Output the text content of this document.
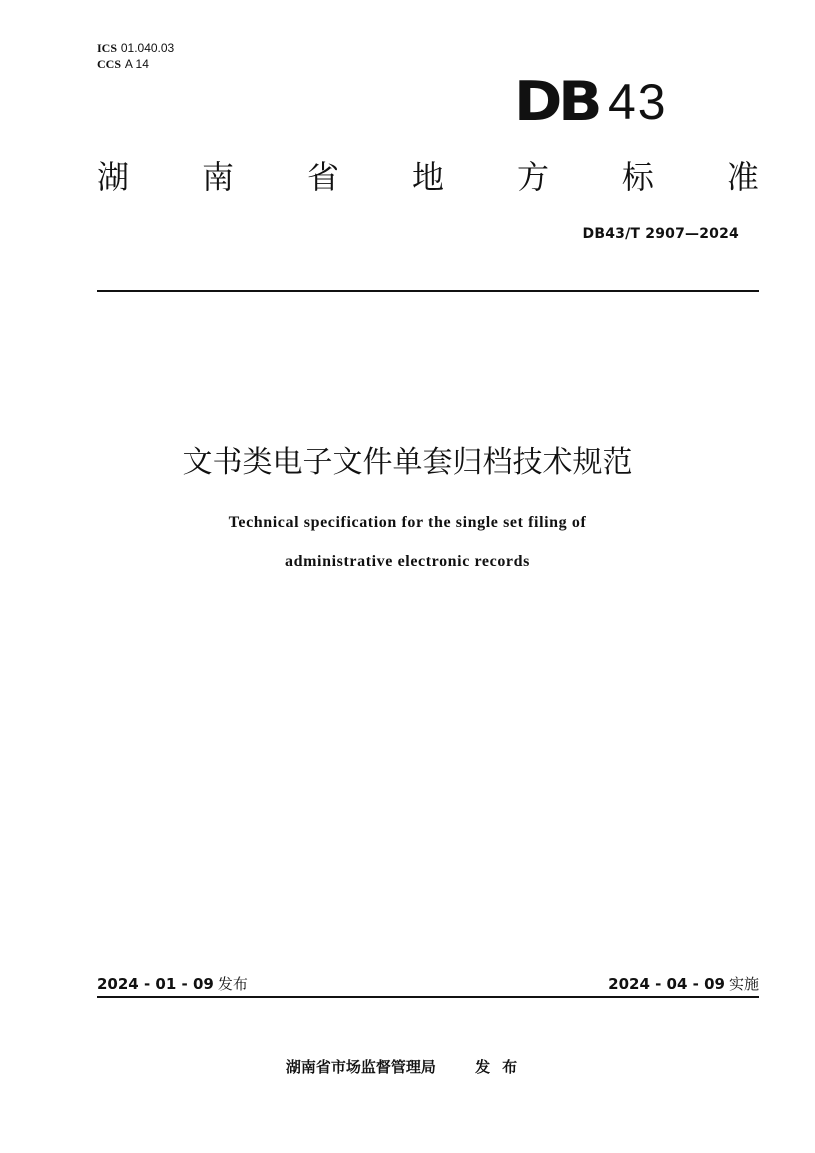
ICS 01.040.03
CCS A 14
DB 43
湖 南 省 地 方 标 准
DB43/T 2907—2024
文书类电子文件单套归档技术规范
Technical specification for the single set filing of
administrative electronic records
2024 - 01 - 09 发布	2024 - 04 - 09 实施
湖南省市场监督管理局	发布
